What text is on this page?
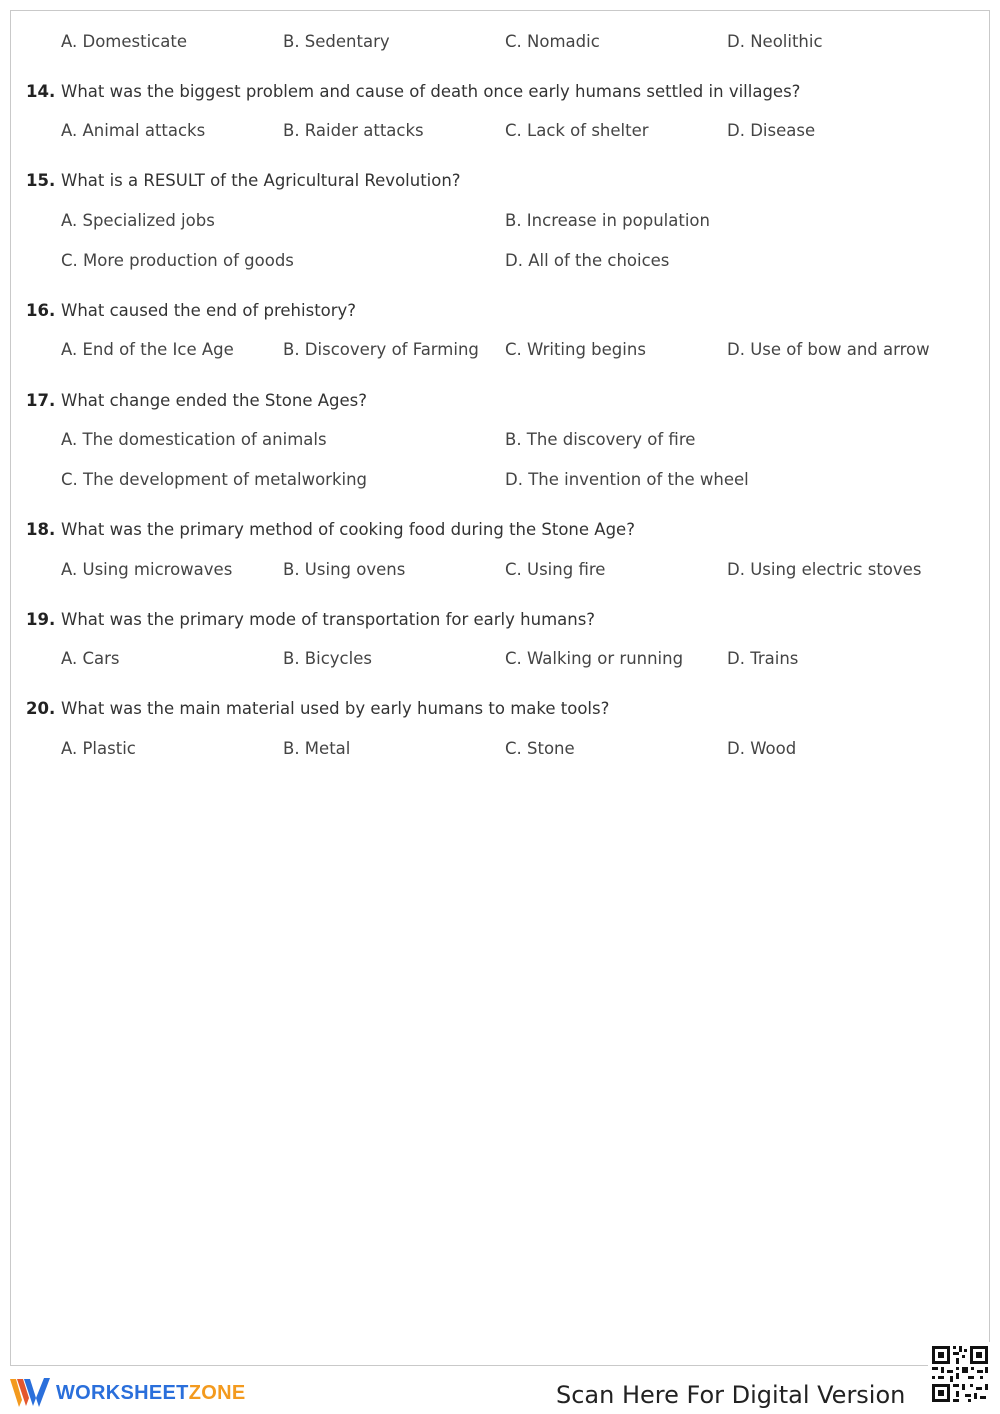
A. Domesticate	B. Sedentary	C. Nomadic	D. Neolithic
14. What was the biggest problem and cause of death once early humans settled in villages?
A. Animal attacks	B. Raider attacks	C. Lack of shelter	D. Disease
15. What is a RESULT of the Agricultural Revolution?
A. Specialized jobs	B. Increase in population
C. More production of goods	D. All of the choices
16. What caused the end of prehistory?
A. End of the Ice Age	B. Discovery of Farming C. Writing begins	D. Use of bow and arrow
17. What change ended the Stone Ages?
A. The domestication of animals	B. The discovery of fire
C. The development of metalworking	D. The invention of the wheel
18. What was the primary method of cooking food during the Stone Age?
A. Using microwaves	B. Using ovens	C. Using fire	D. Using electric stoves
19. What was the primary mode of transportation for early humans?
A. Cars	B. Bicycles	C. Walking or running	D. Trains
20. What was the main material used by early humans to make tools?
A. Plastic	B. Metal	C. Stone	D. Wood
WORKSHEETZONE	Scan Here For Digital Version
